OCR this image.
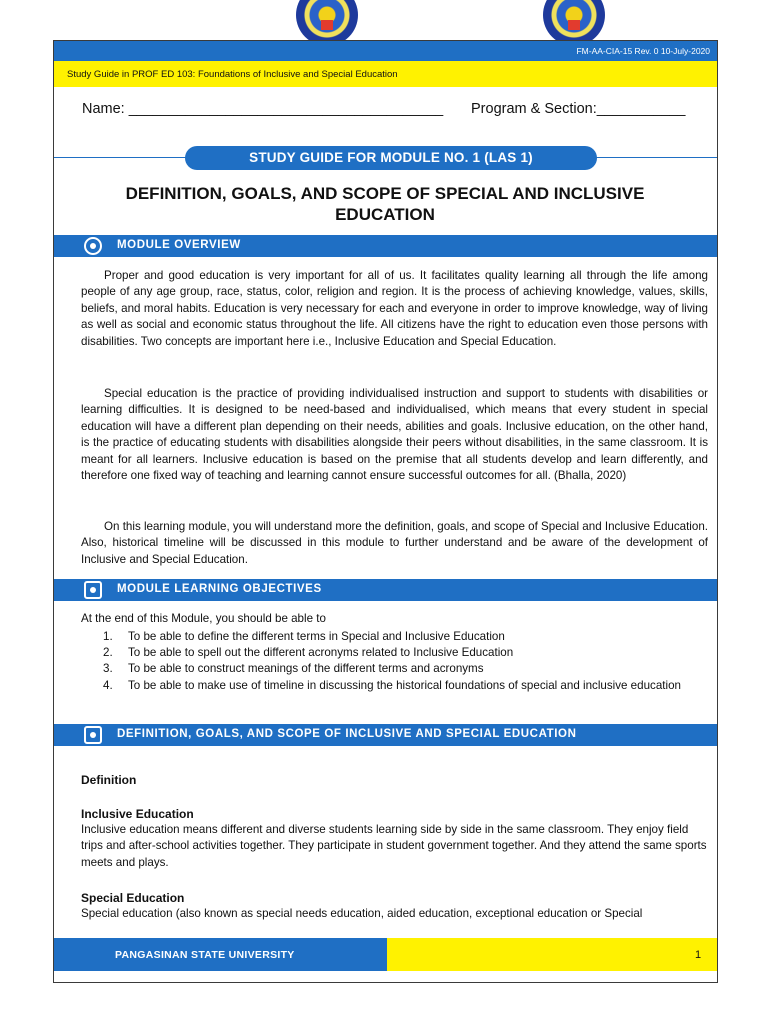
FM-AA-CIA-15 Rev. 0 10-July-2020
Study Guide in PROF ED 103: Foundations of Inclusive and Special Education
Name: _______________________________________ Program & Section:___________
STUDY GUIDE FOR MODULE NO. 1 (LAS 1)
DEFINITION, GOALS, AND SCOPE OF SPECIAL AND INCLUSIVE
EDUCATION
MODULE OVERVIEW
Proper and good education is very important for all of us. It facilitates quality learning all through the life among people of any age group, race, status, color, religion and region. It is the process of achieving knowledge, values, skills, beliefs, and moral habits. Education is very necessary for each and everyone in order to improve knowledge, way of living as well as social and economic status throughout the life. All citizens have the right to education even those persons with disabilities. Two concepts are important here i.e., Inclusive Education and Special Education.
Special education is the practice of providing individualised instruction and support to students with disabilities or learning difficulties. It is designed to be need-based and individualised, which means that every student in special education will have a different plan depending on their needs, abilities and goals. Inclusive education, on the other hand, is the practice of educating students with disabilities alongside their peers without disabilities, in the same classroom. It is meant for all learners. Inclusive education is based on the premise that all students develop and learn differently, and therefore one fixed way of teaching and learning cannot ensure successful outcomes for all. (Bhalla, 2020)
On this learning module, you will understand more the definition, goals, and scope of Special and Inclusive Education. Also, historical timeline will be discussed in this module to further understand and be aware of the development of Inclusive and Special Education.
MODULE LEARNING OBJECTIVES
At the end of this Module, you should be able to
1. To be able to define the different terms in Special and Inclusive Education
2. To be able to spell out the different acronyms related to Inclusive Education
3. To be able to construct meanings of the different terms and acronyms
4. To be able to make use of timeline in discussing the historical foundations of special and inclusive education
DEFINITION, GOALS, AND SCOPE OF INCLUSIVE AND SPECIAL EDUCATION
Definition
Inclusive Education
Inclusive education means different and diverse students learning side by side in the same classroom. They enjoy field trips and after-school activities together. They participate in student government together. And they attend the same sports meets and plays.
Special Education
Special education (also known as special needs education, aided education, exceptional education or Special
PANGASINAN STATE UNIVERSITY	1
